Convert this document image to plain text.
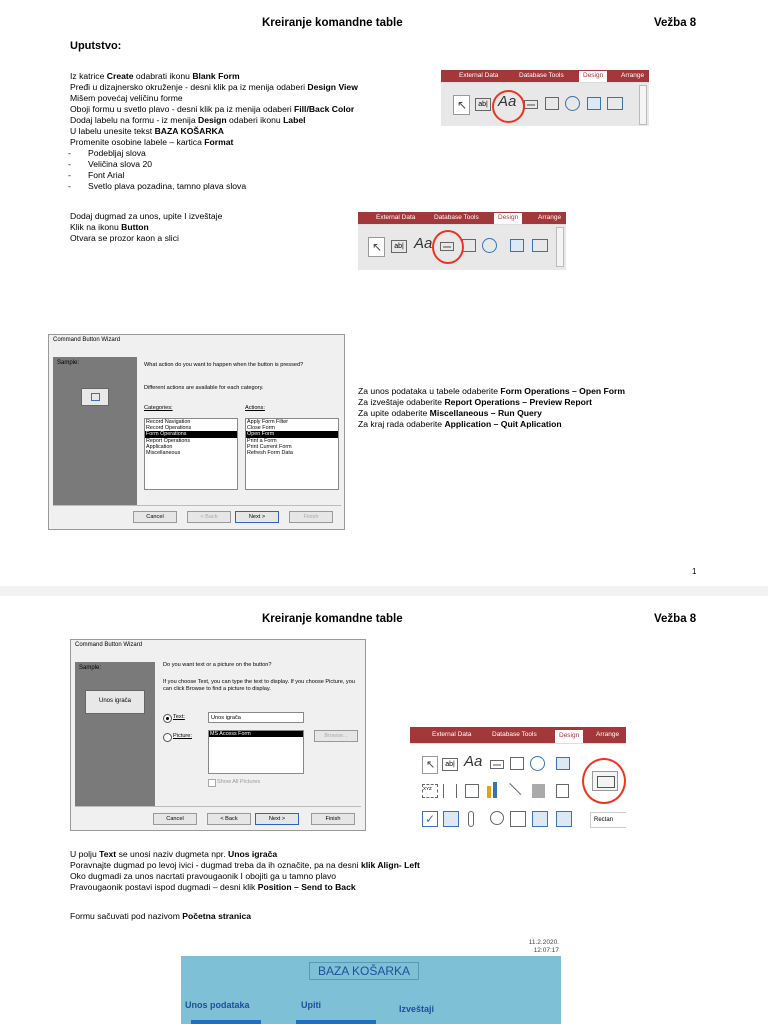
Kreiranje komandne table	Vežba 8
Uputstvo:
Iz katrice Create odabrati ikonu Blank Form
Pređi u dizajnersko okruženje - desni klik pa iz menija odaberi Design View
Mišem povećaj veličinu forme
Oboji formu u svetlo plavo - desni klik pa iz menija odaberi Fill/Back Color
Dodaj labelu na formu - iz menija Design odaberi ikonu Label
U labelu unesite tekst BAZA KOŠARKA
Promenite osobine labele – kartica Format
- Podebljaj slova
- Veličina slova 20
- Font Arial
- Svetlo plava pozadina, tamno plava slova
Dodaj dugmad za unos, upite I izveštaje
Klik na ikonu Button
Otvara se prozor kaon a slici
External Data	Database Tools	Design	Arrange
↖	ab| Aa	xxxx
External Data	Database Tools	Design	Arrange
↖	ab| Aa	xxxx
Command Button Wizard
Sample:	What action do you want to happen when the button is pressed?
Different actions are available for each category.
Categories:	Actions:
Record Navigation
Record Operations
Form Operations
Report Operations
Application
Miscellaneous
Apply Form Filter
Close Form
Open Form
Print a Form
Print Current Form
Refresh Form Data
Cancel	< Back	Next >	Finish
Za unos podataka u tabele odaberite Form Operations – Open Form
Za izveštaje odaberite Report Operations – Preview Report
Za upite odaberite Miscellaneous – Run Query
Za kraj rada odaberite Application – Quit Aplication
1
Kreiranje komandne table	Vežba 8
Command Button Wizard
Sample:
Unos igrača
Do you want text or a picture on the button?
If you choose Text, you can type the text to display. If you choose Picture, you can click Browse to find a picture to display.
Text:	Unos igrača
Picture:	MS Access Form	Browse...
Show All Pictures
Cancel	< Back	Next >	Finish
External Data	Database Tools	Design	Arrange
↖	ab| Aa	xxxx
XYZ
✓	Rectan
U polju Text se unosi naziv dugmeta npr. Unos igrača
Poravnajte dugmad po levoj ivici - dugmad treba da ih označite, pa na desni klik Align- Left
Oko dugmadi za unos nacrtati pravougaonik I obojiti ga u tamno plavo
Pravougaonik postavi ispod dugmadi – desni klik Position – Send to Back
Formu sačuvati pod nazivom Početna stranica
11.2.2020.
12:07:17
BAZA KOŠARKA
Unos podataka	Upiti	Izveštaji
